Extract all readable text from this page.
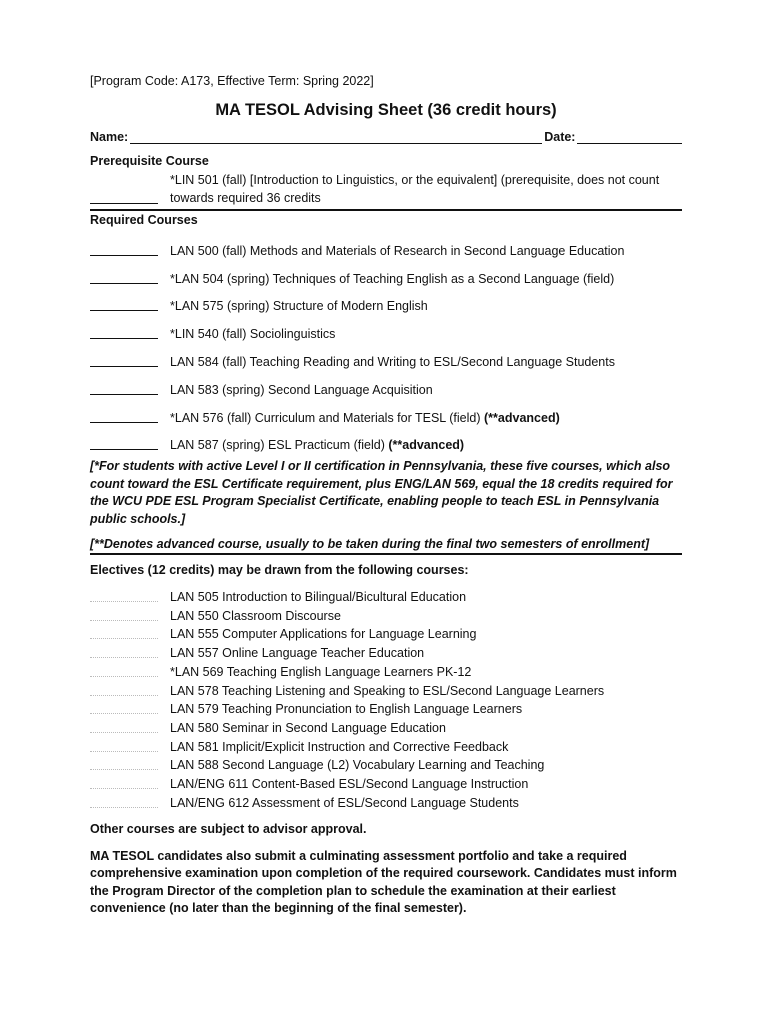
[Program Code: A173, Effective Term: Spring 2022]
MA TESOL Advising Sheet (36 credit hours)
Name:	Date:
Prerequisite Course
*LIN 501 (fall) [Introduction to Linguistics, or the equivalent] (prerequisite, does not count
towards required 36 credits
Required Courses
LAN 500 (fall) Methods and Materials of Research in Second Language Education
*LAN 504 (spring) Techniques of Teaching English as a Second Language (field)
*LAN 575 (spring) Structure of Modern English
*LIN 540 (fall) Sociolinguistics
LAN 584 (fall) Teaching Reading and Writing to ESL/Second Language Students
LAN 583 (spring) Second Language Acquisition
*LAN 576 (fall) Curriculum and Materials for TESL (field) (**advanced)
LAN 587 (spring) ESL Practicum (field) (**advanced)
[*For students with active Level I or II certification in Pennsylvania, these five courses, which also count toward the ESL Certificate requirement, plus ENG/LAN 569, equal the 18 credits required for the WCU PDE ESL Program Specialist Certificate, enabling people to teach ESL in Pennsylvania public schools.]
[**Denotes advanced course, usually to be taken during the final two semesters of enrollment]
Electives (12 credits) may be drawn from the following courses:
LAN 505 Introduction to Bilingual/Bicultural Education
LAN 550 Classroom Discourse
LAN 555 Computer Applications for Language Learning
LAN 557 Online Language Teacher Education
*LAN 569 Teaching English Language Learners PK-12
LAN 578 Teaching Listening and Speaking to ESL/Second Language Learners
LAN 579 Teaching Pronunciation to English Language Learners
LAN 580 Seminar in Second Language Education
LAN 581 Implicit/Explicit Instruction and Corrective Feedback
LAN 588 Second Language (L2) Vocabulary Learning and Teaching
LAN/ENG 611 Content-Based ESL/Second Language Instruction
LAN/ENG 612 Assessment of ESL/Second Language Students
Other courses are subject to advisor approval.
MA TESOL candidates also submit a culminating assessment portfolio and take a required comprehensive examination upon completion of the required coursework. Candidates must inform the Program Director of the completion plan to schedule the examination at their earliest convenience (no later than the beginning of the final semester).
